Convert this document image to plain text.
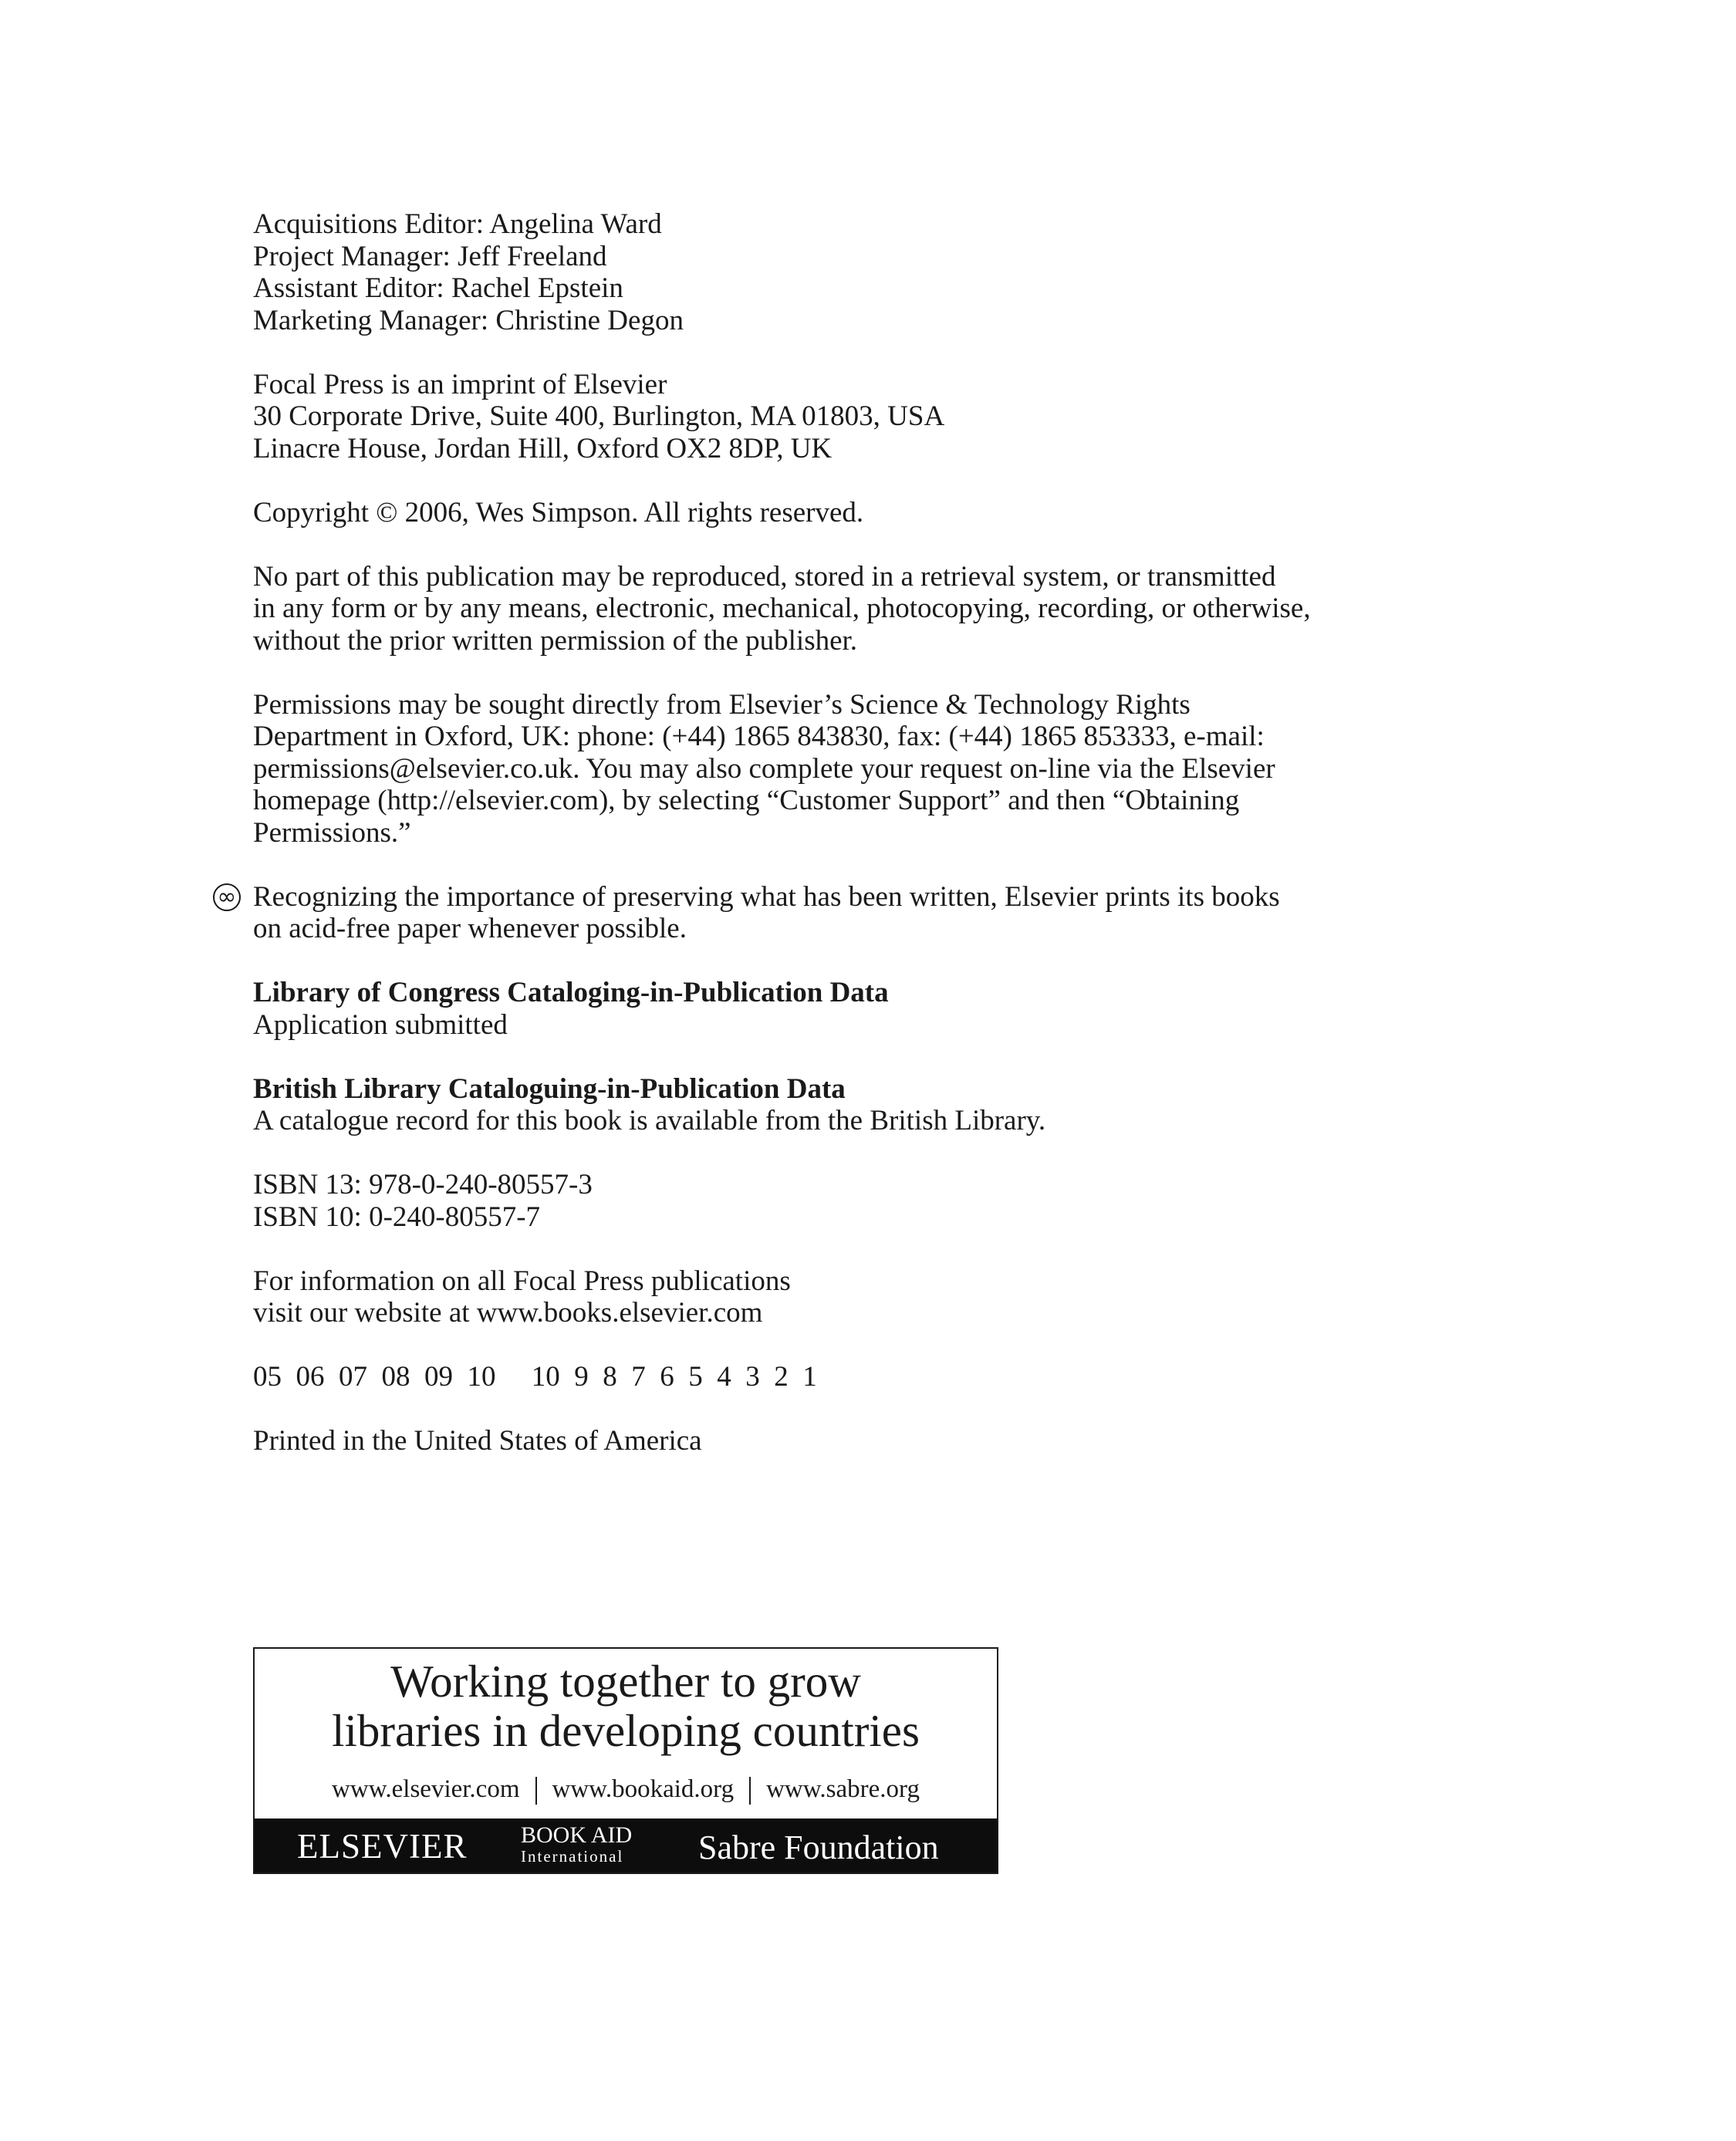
Acquisitions Editor: Angelina Ward
Project Manager: Jeff Freeland
Assistant Editor: Rachel Epstein
Marketing Manager: Christine Degon

Focal Press is an imprint of Elsevier
30 Corporate Drive, Suite 400, Burlington, MA 01803, USA
Linacre House, Jordan Hill, Oxford OX2 8DP, UK

Copyright © 2006, Wes Simpson. All rights reserved.

No part of this publication may be reproduced, stored in a retrieval system, or transmitted
in any form or by any means, electronic, mechanical, photocopying, recording, or otherwise,
without the prior written permission of the publisher.

Permissions may be sought directly from Elsevier’s Science & Technology Rights
Department in Oxford, UK: phone: (+44) 1865 843830, fax: (+44) 1865 853333, e-mail:
permissions@elsevier.co.uk. You may also complete your request on-line via the Elsevier
homepage (http://elsevier.com), by selecting “Customer Support” and then “Obtaining
Permissions.”

∞ Recognizing the importance of preserving what has been written, Elsevier prints its books
on acid-free paper whenever possible.

Library of Congress Cataloging-in-Publication Data
Application submitted

British Library Cataloguing-in-Publication Data
A catalogue record for this book is available from the British Library.

ISBN 13: 978-0-240-80557-3
ISBN 10: 0-240-80557-7

For information on all Focal Press publications
visit our website at www.books.elsevier.com

05  06  07  08  09  10     10  9  8  7  6  5  4  3  2  1

Printed in the United States of America

Working together to grow
libraries in developing countries
www.elsevier.com www.bookaid.org www.sabre.org
ELSEVIER BOOK AID
International Sabre Foundation
